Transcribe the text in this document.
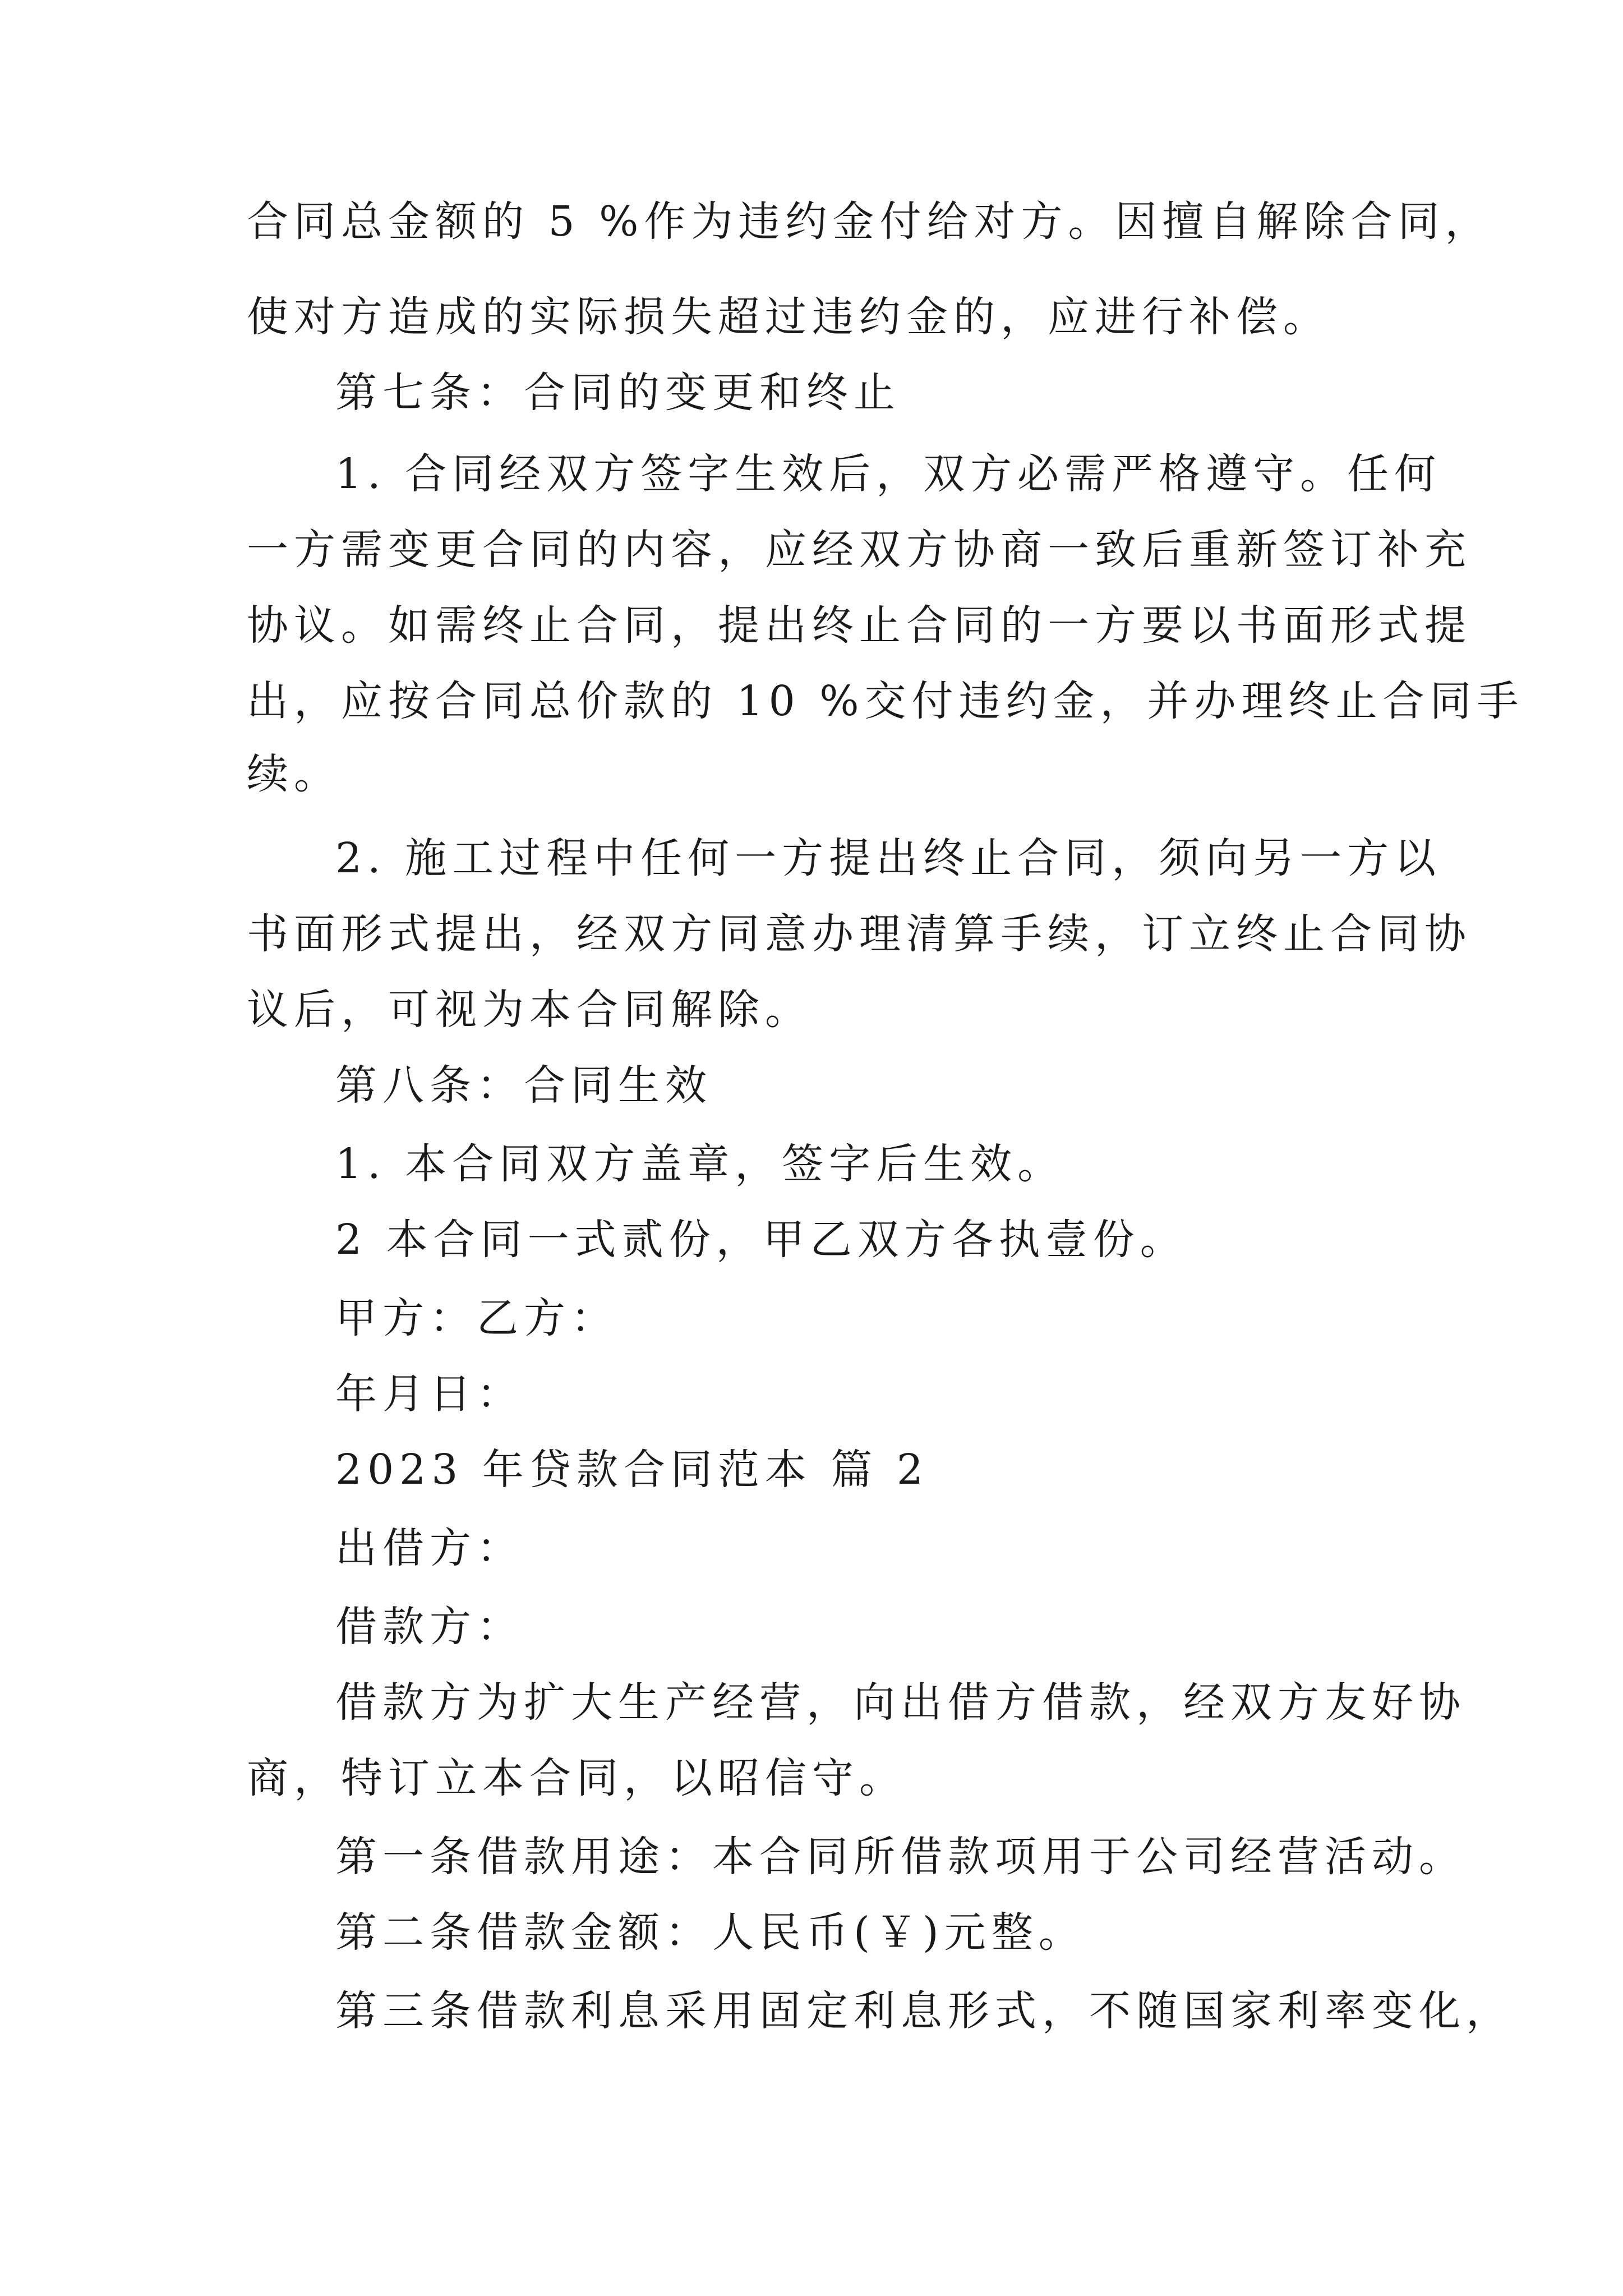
合同总金额的 5 %作为违约金付给对方。因擅自解除合同，
使对方造成的实际损失超过违约金的，应进行补偿。
第七条：合同的变更和终止
1. 合同经双方签字生效后，双方必需严格遵守。任何
一方需变更合同的内容，应经双方协商一致后重新签订补充
协议。如需终止合同，提出终止合同的一方要以书面形式提
出，应按合同总价款的 10 %交付违约金，并办理终止合同手
续。
2. 施工过程中任何一方提出终止合同，须向另一方以
书面形式提出，经双方同意办理清算手续，订立终止合同协
议后，可视为本合同解除。
第八条：合同生效
1. 本合同双方盖章，签字后生效。
2 本合同一式贰份，甲乙双方各执壹份。
甲方：乙方：
年月日：
2023 年贷款合同范本 篇 2
出借方：
借款方：
借款方为扩大生产经营，向出借方借款，经双方友好协
商，特订立本合同，以昭信守。
第一条借款用途：本合同所借款项用于公司经营活动。
第二条借款金额：人民币(￥)元整。
第三条借款利息采用固定利息形式，不随国家利率变化，
